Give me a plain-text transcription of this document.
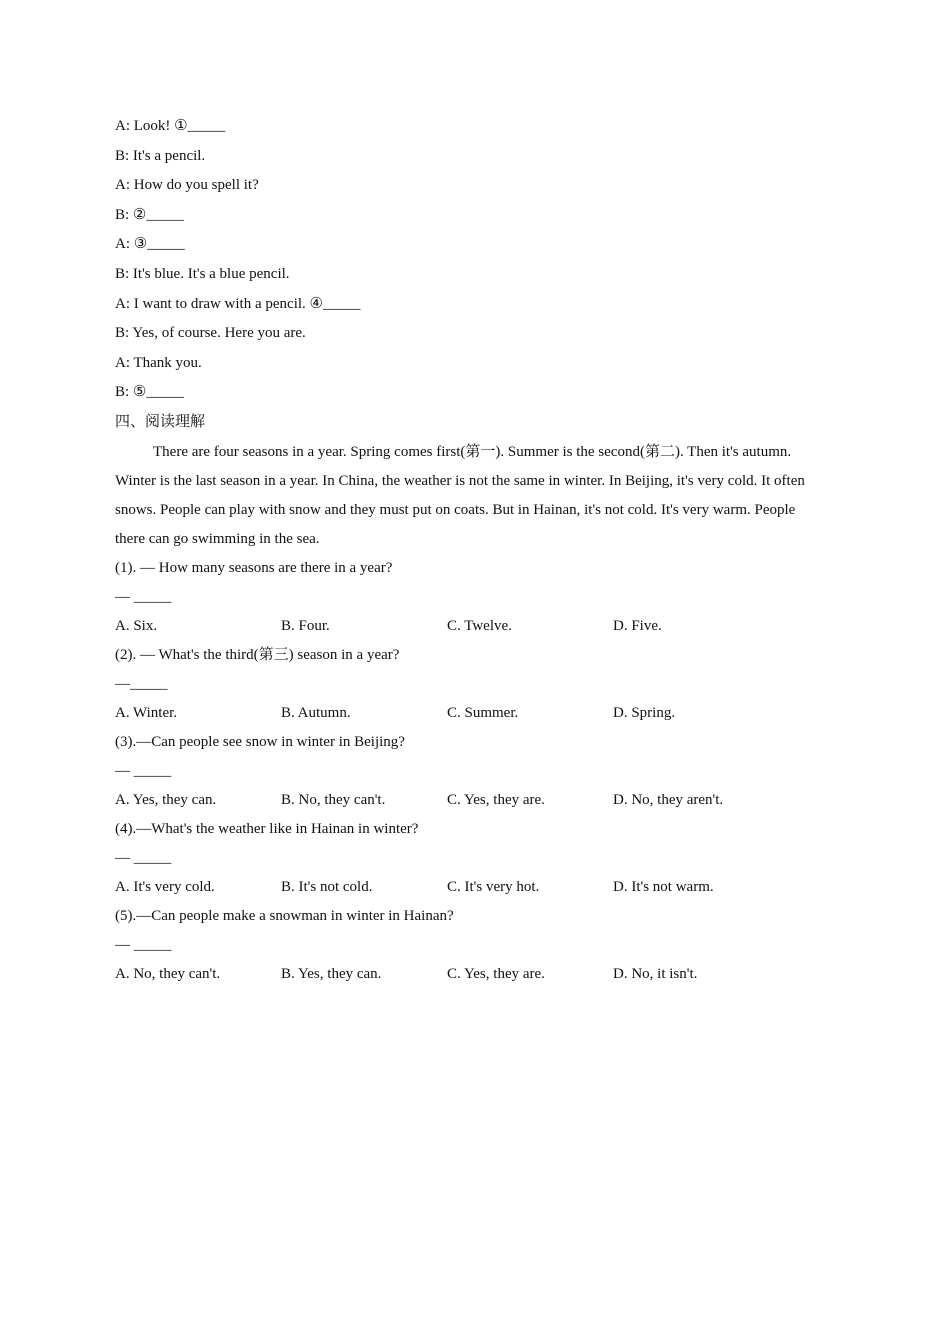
A: Look! ①_____
B: It's a pencil.
A: How do you spell it?
B: ②_____
A: ③_____
B: It's blue. It's a blue pencil.
A: I want to draw with a pencil. ④_____
B: Yes, of course. Here you are.
A: Thank you.
B: ⑤_____
四、阅读理解

There are four seasons in a year. Spring comes first(第一). Summer is the second(第二). Then it's autumn. Winter is the last season in a year. In China, the weather is not the same in winter. In Beijing, it's very cold. It often snows. People can play with snow and they must put on coats. But in Hainan, it's not cold. It's very warm. People there can go swimming in the sea.

(1). — How many seasons are there in a year?
— _____
A. Six.	B. Four.	C. Twelve.	D. Five.
(2). — What's the third(第三) season in a year?
—_____
A. Winter.	B. Autumn.	C. Summer.	D. Spring.
(3).—Can people see snow in winter in Beijing?
— _____
A. Yes, they can.	B. No, they can't.	C. Yes, they are.	D. No, they aren't.
(4).—What's the weather like in Hainan in winter?
— _____
A. It's very cold.	B. It's not cold.	C. It's very hot.	D. It's not warm.
(5).—Can people make a snowman in winter in Hainan?
— _____
A. No, they can't.	B. Yes, they can.	C. Yes, they are.	D. No, it isn't.
